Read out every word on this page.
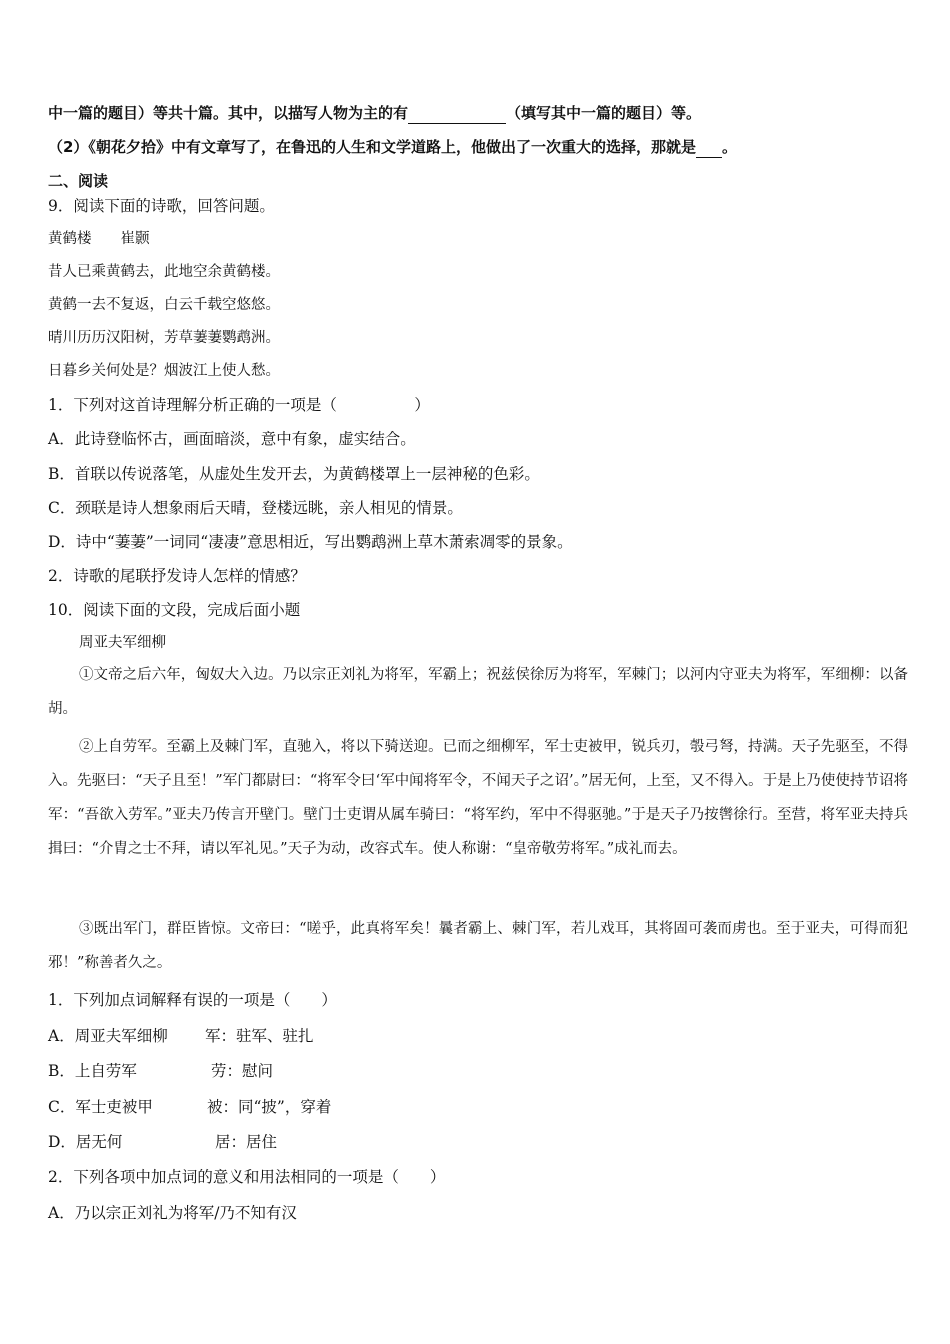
中一篇的题目）等共十篇。其中，以描写人物为主的有	（填写其中一篇的题目）等。
（2）《朝花夕拾》中有文章写了，在鲁迅的人生和文学道路上，他做出了一次重大的选择，那就是 。
二、阅读
9．阅读下面的诗歌，回答问题。
黄鹤楼　　崔颢
昔人已乘黄鹤去，此地空余黄鹤楼。
黄鹤一去不复返，白云千载空悠悠。
晴川历历汉阳树，芳草萋萋鹦鹉洲。
日暮乡关何处是？烟波江上使人愁。
1．下列对这首诗理解分析正确的一项是（　　　　　）
A．此诗登临怀古，画面暗淡，意中有象，虚实结合。
B．首联以传说落笔，从虚处生发开去，为黄鹤楼罩上一层神秘的色彩。
C．颈联是诗人想象雨后天晴，登楼远眺，亲人相见的情景。
D．诗中“萋萋”一词同“凄凄”意思相近，写出鹦鹉洲上草木萧索凋零的景象。
2．诗歌的尾联抒发诗人怎样的情感？
10．阅读下面的文段，完成后面小题
周亚夫军细柳
①文帝之后六年，匈奴大入边。乃以宗正刘礼为将军，军霸上；祝兹侯徐厉为将军，军棘门；以河内守亚夫为将军，军细柳：以备胡。
②上自劳军。至霸上及棘门军，直驰入，将以下骑送迎。已而之细柳军，军士吏被甲，锐兵刃，彀弓弩，持满。天子先驱至，不得入。先驱曰：“天子且至！”军门都尉曰：“将军令曰‘军中闻将军令，不闻天子之诏’。”居无何，上至，又不得入。于是上乃使使持节诏将军：“吾欲入劳军。”亚夫乃传言开壁门。壁门士吏谓从属车骑曰：“将军约，军中不得驱驰。”于是天子乃按辔徐行。至营，将军亚夫持兵揖曰：“介胄之士不拜，请以军礼见。”天子为动，改容式车。使人称谢：“皇帝敬劳将军。”成礼而去。
③既出军门，群臣皆惊。文帝曰：“嗟乎，此真将军矣！曩者霸上、棘门军，若儿戏耳，其将固可袭而虏也。至于亚夫，可得而犯邪！”称善者久之。
1．下列加点词解释有误的一项是（　　）
A．周亚夫军细柳 军：驻军、驻扎
B．上自劳军	劳：慰问
C．军士吏被甲	被：同“披”，穿着
D．居无何	居：居住
2．下列各项中加点词的意义和用法相同的一项是（　　）
A．乃以宗正刘礼为将军/乃不知有汉
